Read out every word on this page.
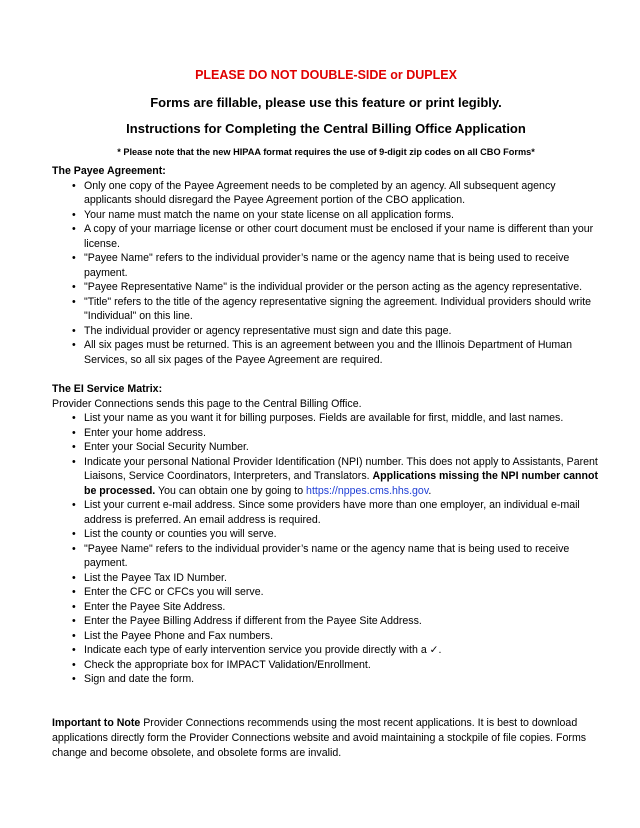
PLEASE DO NOT DOUBLE-SIDE or DUPLEX

Forms are fillable, please use this feature or print legibly.

Instructions for Completing the Central Billing Office Application

* Please note that the new HIPAA format requires the use of 9-digit zip codes on all CBO Forms*

The Payee Agreement:

• Only one copy of the Payee Agreement needs to be completed by an agency. All subsequent agency applicants should disregard the Payee Agreement portion of the CBO application.
• Your name must match the name on your state license on all application forms.
• A copy of your marriage license or other court document must be enclosed if your name is different than your license.
• "Payee Name" refers to the individual provider’s name or the agency name that is being used to receive payment.
• "Payee Representative Name" is the individual provider or the person acting as the agency representative.
• "Title" refers to the title of the agency representative signing the agreement. Individual providers should write "Individual" on this line.
• The individual provider or agency representative must sign and date this page.
• All six pages must be returned. This is an agreement between you and the Illinois Department of Human Services, so all six pages of the Payee Agreement are required.

The EI Service Matrix:

Provider Connections sends this page to the Central Billing Office.

• List your name as you want it for billing purposes. Fields are available for first, middle, and last names.
• Enter your home address.
• Enter your Social Security Number.
• Indicate your personal National Provider Identification (NPI) number. This does not apply to Assistants, Parent Liaisons, Service Coordinators, Interpreters, and Translators. Applications missing the NPI number cannot be processed. You can obtain one by going to https://nppes.cms.hhs.gov.
• List your current e-mail address. Since some providers have more than one employer, an individual e-mail address is preferred. An email address is required.
• List the county or counties you will serve.
• "Payee Name" refers to the individual provider’s name or the agency name that is being used to receive payment.
• List the Payee Tax ID Number.
• Enter the CFC or CFCs you will serve.
• Enter the Payee Site Address.
• Enter the Payee Billing Address if different from the Payee Site Address.
• List the Payee Phone and Fax numbers.
• Indicate each type of early intervention service you provide directly with a ✓.
• Check the appropriate box for IMPACT Validation/Enrollment.
• Sign and date the form.

Important to Note Provider Connections recommends using the most recent applications. It is best to download applications directly form the Provider Connections website and avoid maintaining a stockpile of file copies. Forms change and become obsolete, and obsolete forms are invalid.
